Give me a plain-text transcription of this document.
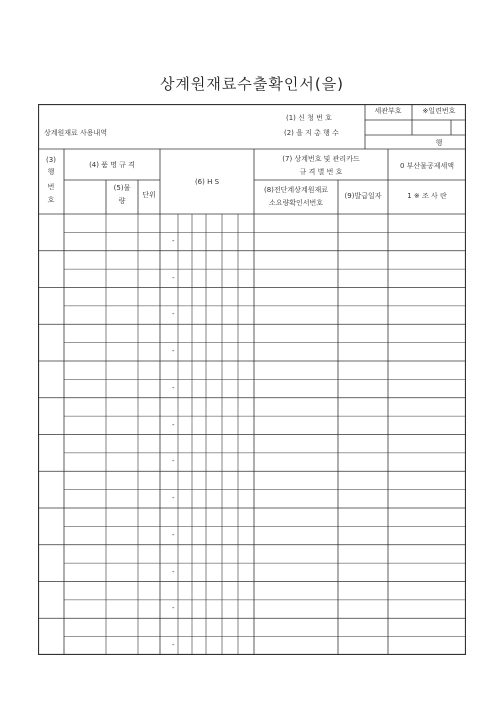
상계원재료수출확인서(을)
상계원재료 사용내역
(1) 신 청 번 호
(2) 을 지 총 행 수
세관부호	※일련번호
행
(3)
행
번
호
(4) 품 명 규 격
(5)물
량
단위
(6) H S
(7) 상계번호 및 관리카드
규 격 별 번 호
(8)전단계상계원재료
소요량확인서번호
(9)발급일자
0 부산물공제세액
1 ※ 조 사 란
-
-
-
-
-
-
-
-
-
-
-
-
